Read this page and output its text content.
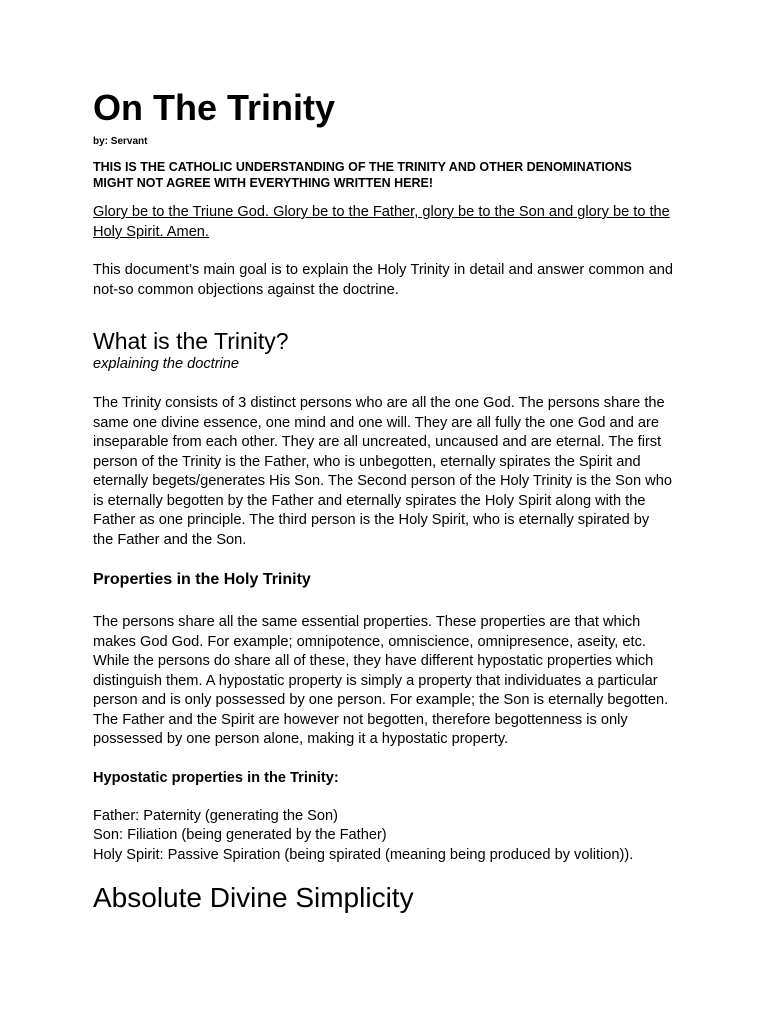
On The Trinity

by: Servant

THIS IS THE CATHOLIC UNDERSTANDING OF THE TRINITY AND OTHER DENOMINATIONS MIGHT NOT AGREE WITH EVERYTHING WRITTEN HERE!

Glory be to the Triune God. Glory be to the Father, glory be to the Son and glory be to the Holy Spirit. Amen.

This document’s main goal is to explain the Holy Trinity in detail and answer common and not-so common objections against the doctrine.

What is the Trinity?

explaining the doctrine

The Trinity consists of 3 distinct persons who are all the one God. The persons share the same one divine essence, one mind and one will. They are all fully the one God and are inseparable from each other. They are all uncreated, uncaused and are eternal. The first person of the Trinity is the Father, who is unbegotten, eternally spirates the Spirit and eternally begets/generates His Son. The Second person of the Holy Trinity is the Son who is eternally begotten by the Father and eternally spirates the Holy Spirit along with the Father as one principle. The third person is the Holy Spirit, who is eternally spirated by the Father and the Son.

Properties in the Holy Trinity

The persons share all the same essential properties. These properties are that which makes God God. For example; omnipotence, omniscience, omnipresence, aseity, etc. While the persons do share all of these, they have different hypostatic properties which distinguish them. A hypostatic property is simply a property that individuates a particular person and is only possessed by one person. For example; the Son is eternally begotten. The Father and the Spirit are however not begotten, therefore begottenness is only possessed by one person alone, making it a hypostatic property.

Hypostatic properties in the Trinity:

Father: Paternity (generating the Son)

Son: Filiation (being generated by the Father)

Holy Spirit: Passive Spiration (being spirated (meaning being produced by volition)).

Absolute Divine Simplicity
